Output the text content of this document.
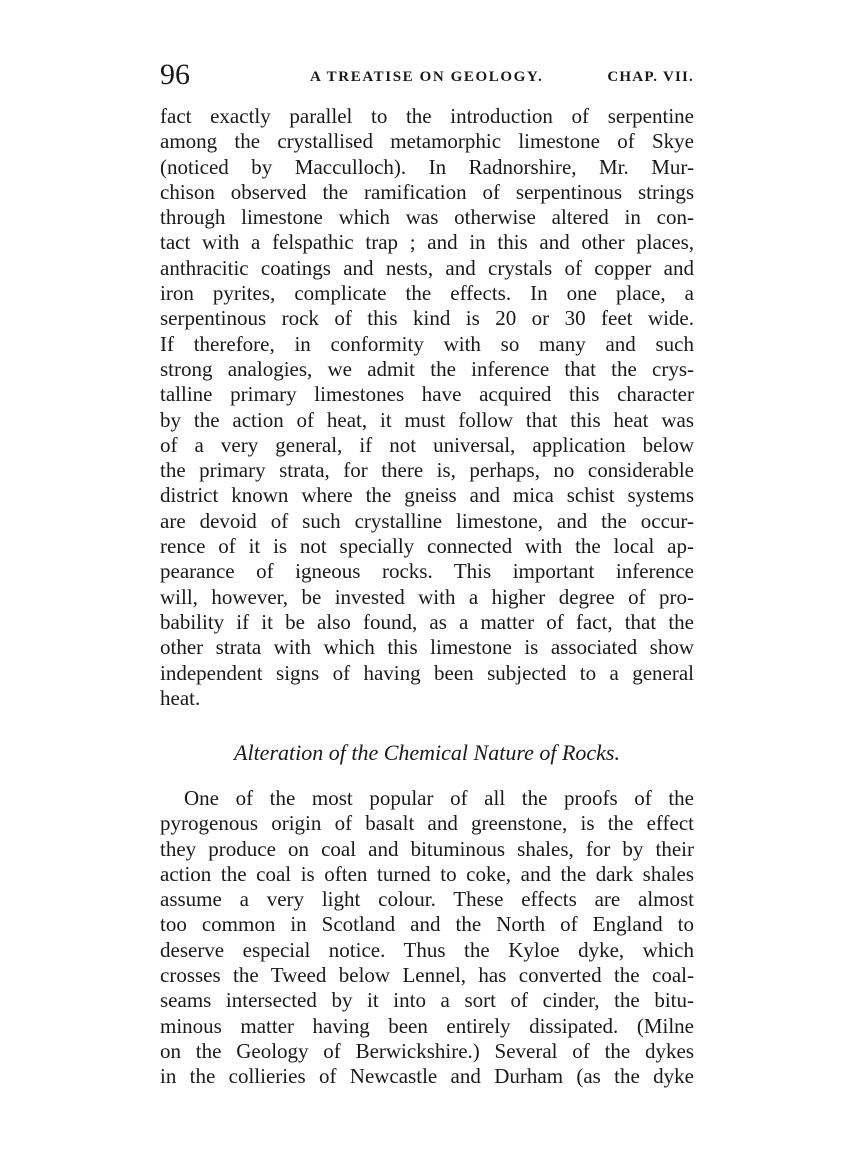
96	A TREATISE ON GEOLOGY.	CHAP. VII.
fact exactly parallel to the introduction of serpentine
among the crystallised metamorphic limestone of Skye
(noticed by Macculloch). In Radnorshire, Mr. Mur-
chison observed the ramification of serpentinous strings
through limestone which was otherwise altered in con-
tact with a felspathic trap ; and in this and other places,
anthracitic coatings and nests, and crystals of copper and
iron pyrites, complicate the effects. In one place, a
serpentinous rock of this kind is 20 or 30 feet wide.
If therefore, in conformity with so many and such
strong analogies, we admit the inference that the crys-
talline primary limestones have acquired this character
by the action of heat, it must follow that this heat was
of a very general, if not universal, application below
the primary strata, for there is, perhaps, no considerable
district known where the gneiss and mica schist systems
are devoid of such crystalline limestone, and the occur-
rence of it is not specially connected with the local ap-
pearance of igneous rocks. This important inference
will, however, be invested with a higher degree of pro-
bability if it be also found, as a matter of fact, that the
other strata with which this limestone is associated show
independent signs of having been subjected to a general
heat.
Alteration of the Chemical Nature of Rocks.
One of the most popular of all the proofs of the
pyrogenous origin of basalt and greenstone, is the effect
they produce on coal and bituminous shales, for by their
action the coal is often turned to coke, and the dark shales
assume a very light colour. These effects are almost
too common in Scotland and the North of England to
deserve especial notice. Thus the Kyloe dyke, which
crosses the Tweed below Lennel, has converted the coal-
seams intersected by it into a sort of cinder, the bitu-
minous matter having been entirely dissipated. (Milne
on the Geology of Berwickshire.) Several of the dykes
in the collieries of Newcastle and Durham (as the dyke
